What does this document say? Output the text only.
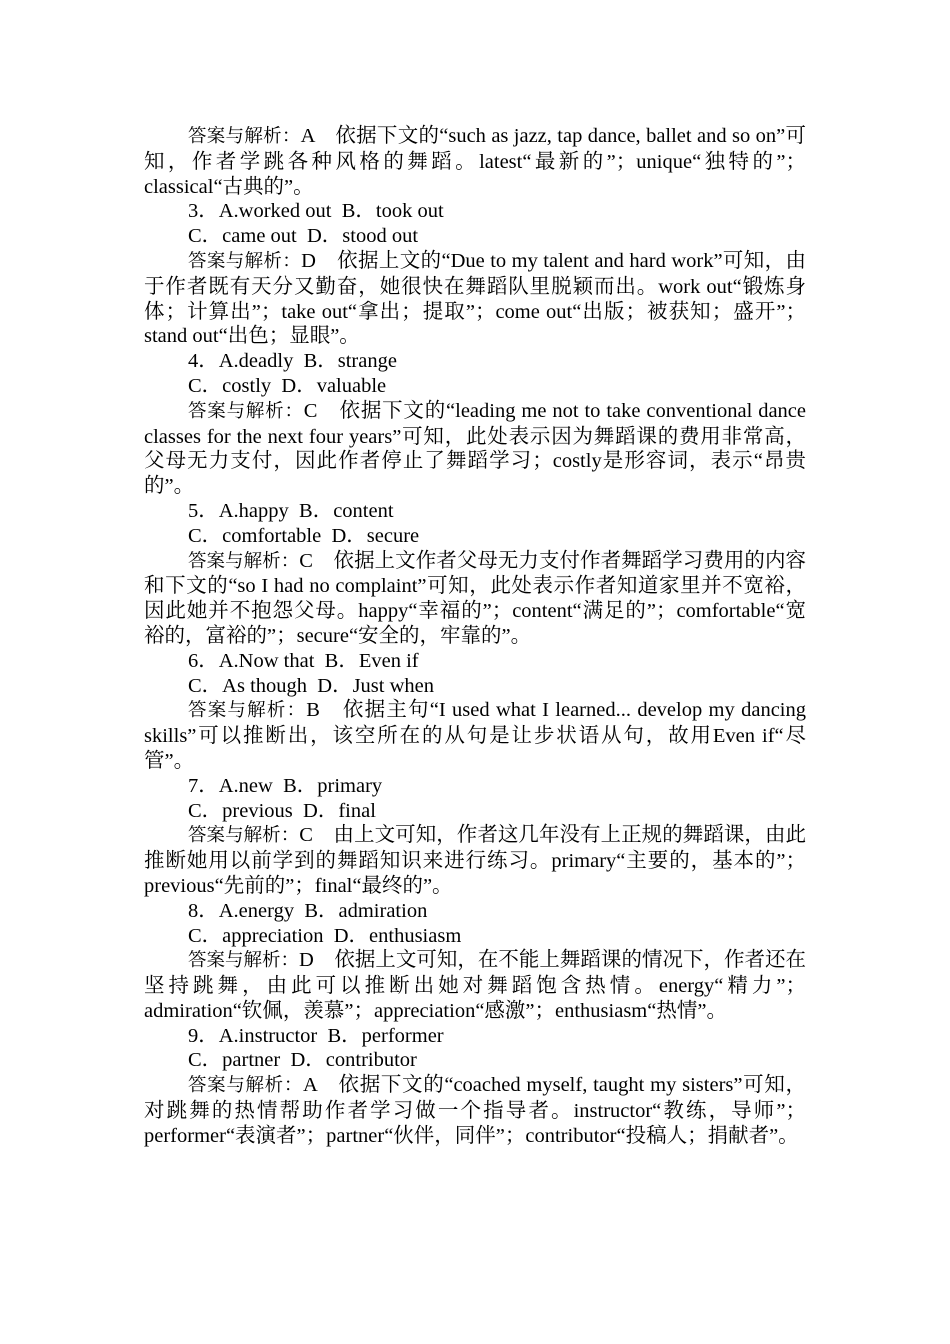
答案与解析：A　依据下文的“such as jazz, tap dance, ballet and so on”可知，作者学跳各种风格的舞蹈。latest“最新的”；unique“独特的”；classical“古典的”。

3．A.worked out  B．took out

C．came out  D．stood out

答案与解析：D　依据上文的“Due to my talent and hard work”可知，由于作者既有天分又勤奋，她很快在舞蹈队里脱颖而出。work out“锻炼身体；计算出”；take out“拿出；提取”；come out“出版；被获知；盛开”；stand out“出色；显眼”。

4．A.deadly  B．strange

C．costly  D．valuable

答案与解析：C　依据下文的“leading me not to take conventional dance classes for the next four years”可知，此处表示因为舞蹈课的费用非常高，父母无力支付，因此作者停止了舞蹈学习；costly是形容词，表示“昂贵的”。

5．A.happy  B．content

C．comfortable  D．secure

答案与解析：C　依据上文作者父母无力支付作者舞蹈学习费用的内容和下文的“so I had no complaint”可知，此处表示作者知道家里并不宽裕，因此她并不抱怨父母。happy“幸福的”；content“满足的”；comfortable“宽裕的，富裕的”；secure“安全的，牢靠的”。

6．A.Now that  B．Even if

C．As though  D．Just when

答案与解析：B　依据主句“I used what I learned... develop my dancing skills”可以推断出，该空所在的从句是让步状语从句，故用Even if“尽管”。

7．A.new  B．primary

C．previous  D．final

答案与解析：C　由上文可知，作者这几年没有上正规的舞蹈课，由此推断她用以前学到的舞蹈知识来进行练习。primary“主要的，基本的”；previous“先前的”；final“最终的”。

8．A.energy  B．admiration

C．appreciation  D．enthusiasm

答案与解析：D　依据上文可知，在不能上舞蹈课的情况下，作者还在坚持跳舞，由此可以推断出她对舞蹈饱含热情。energy“精力”；admiration“钦佩，羡慕”；appreciation“感激”；enthusiasm“热情”。

9．A.instructor  B．performer

C．partner  D．contributor

答案与解析：A　依据下文的“coached myself, taught my sisters”可知，对跳舞的热情帮助作者学习做一个指导者。instructor“教练，导师”；performer“表演者”；partner“伙伴，同伴”；contributor“投稿人；捐献者”。
